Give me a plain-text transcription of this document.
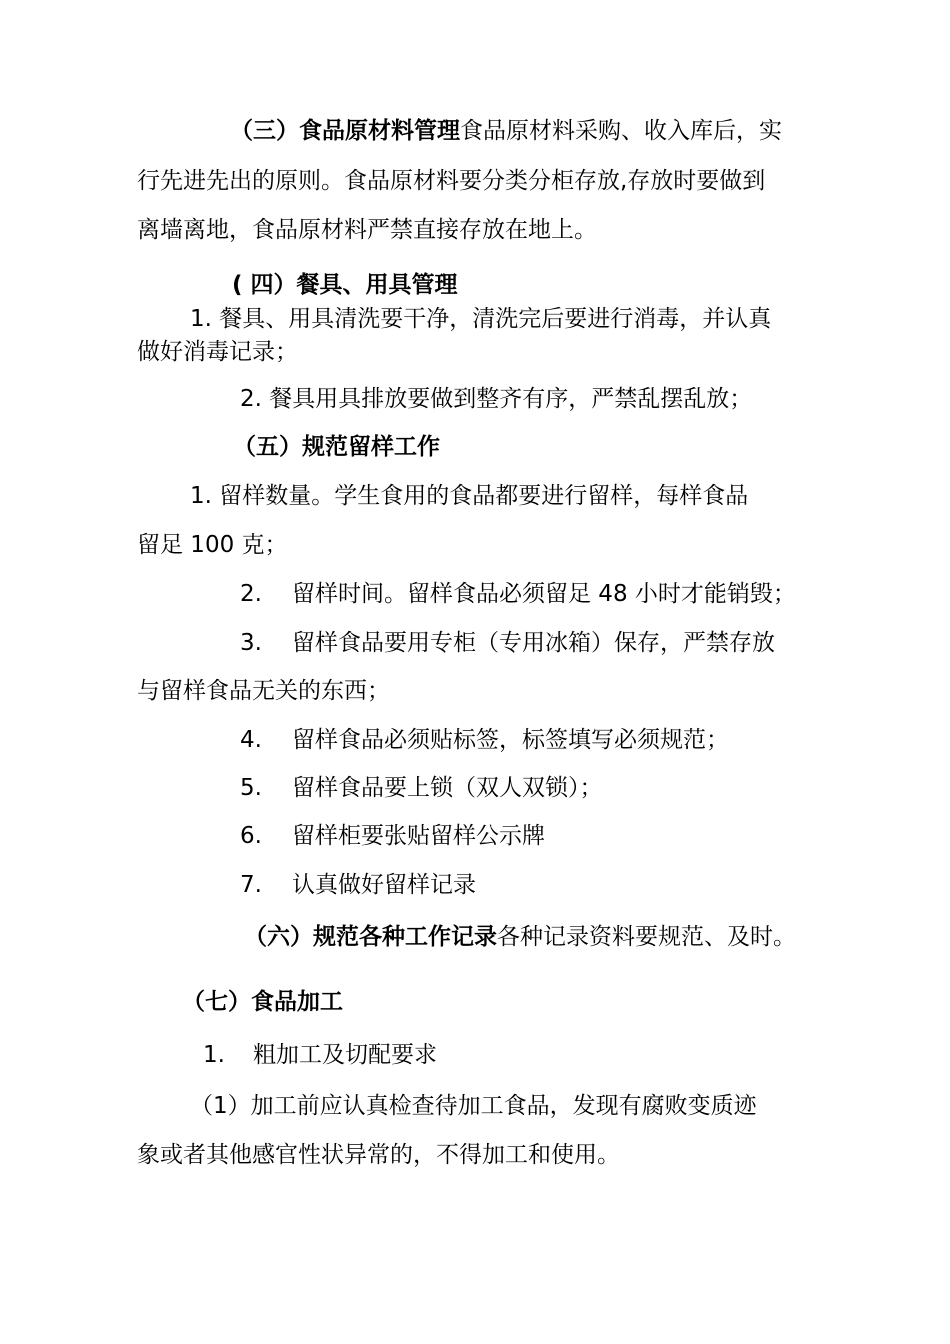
（三）食品原材料管理食品原材料采购、收入库后，实
行先进先出的原则。食品原材料要分类分柜存放,存放时要做到
离墙离地，食品原材料严禁直接存放在地上。
( 四）餐具、用具管理
1. 餐具、用具清洗要干净，清洗完后要进行消毒，并认真
做好消毒记录；
2. 餐具用具排放要做到整齐有序，严禁乱摆乱放；
（五）规范留样工作
1. 留样数量。学生食用的食品都要进行留样，每样食品
留足 100 克；
2. 留样时间。留样食品必须留足 48 小时才能销毁；
3. 留样食品要用专柜（专用冰箱）保存，严禁存放
与留样食品无关的东西；
4. 留样食品必须贴标签，标签填写必须规范；
5. 留样食品要上锁（双人双锁）；
6. 留样柜要张贴留样公示牌
7. 认真做好留样记录
（六）规范各种工作记录各种记录资料要规范、及时。
（七）食品加工
1. 粗加工及切配要求
（1）加工前应认真检查待加工食品，发现有腐败变质迹
象或者其他感官性状异常的，不得加工和使用。
